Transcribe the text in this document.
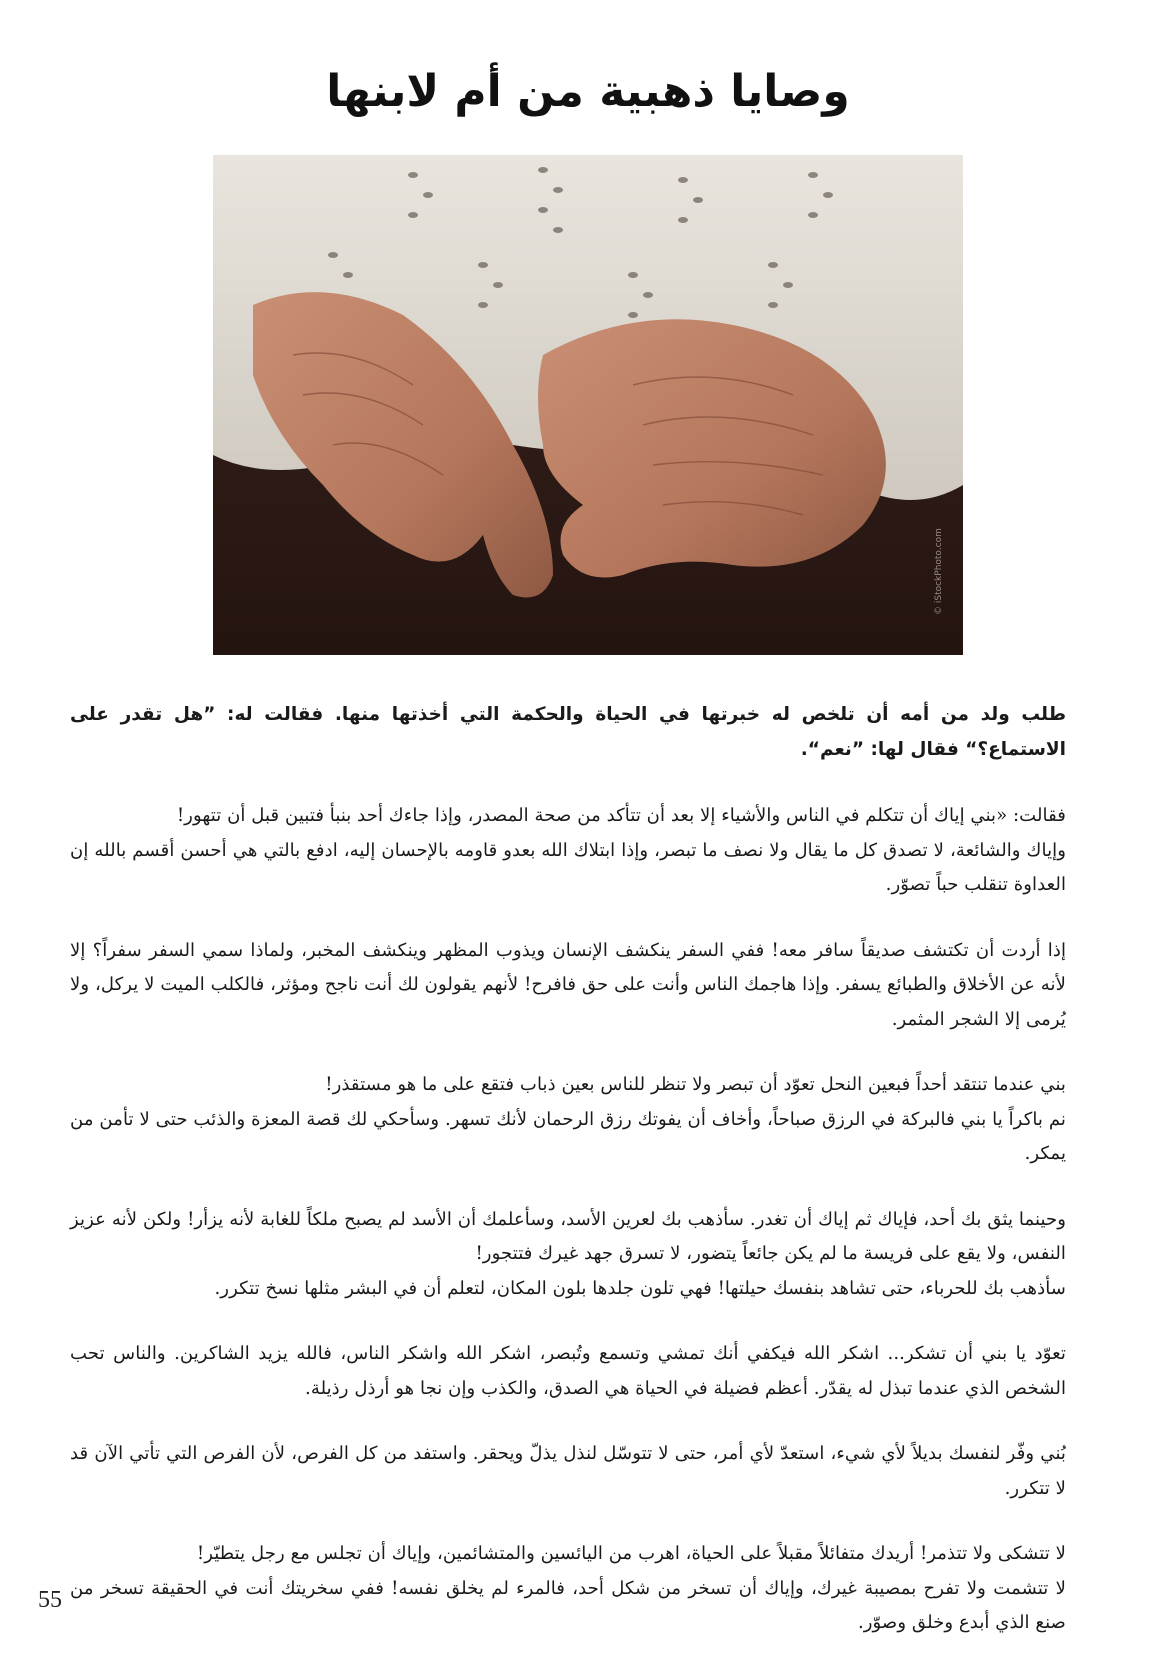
وصايا ذهبية من أم لابنها
© iStockPhoto.com
طلب ولد من أمه أن تلخص له خبرتها في الحياة والحكمة التي أخذتها منها. فقالت له: ”هل تقدر على الاستماع؟“ فقال لها: ”نعم“.

فقالت: «بني إياك أن تتكلم في الناس والأشياء إلا بعد أن تتأكد من صحة المصدر، وإذا جاءك أحد بنبأ فتبين قبل أن تتهور!

وإياك والشائعة، لا تصدق كل ما يقال ولا نصف ما تبصر، وإذا ابتلاك الله بعدو قاومه بالإحسان إليه، ادفع بالتي هي أحسن أقسم بالله إن العداوة تنقلب حباً تصوّر.

إذا أردت أن تكتشف صديقاً سافر معه! ففي السفر ينكشف الإنسان ويذوب المظهر وينكشف المخبر، ولماذا سمي السفر سفراً؟ إلا لأنه عن الأخلاق والطبائع يسفر. وإذا هاجمك الناس وأنت على حق فافرح! لأنهم يقولون لك أنت ناجح ومؤثر، فالكلب الميت لا يركل، ولا يُرمى إلا الشجر المثمر.

بني عندما تنتقد أحداً فبعين النحل تعوّد أن تبصر ولا تنظر للناس بعين ذباب فتقع على ما هو مستقذر!

نم باكراً يا بني فالبركة في الرزق صباحاً، وأخاف أن يفوتك رزق الرحمان لأنك تسهر. وسأحكي لك قصة المعزة والذئب حتى لا تأمن من يمكر.

وحينما يثق بك أحد، فإياك ثم إياك أن تغدر. سأذهب بك لعرين الأسد، وسأعلمك أن الأسد لم يصبح ملكاً للغابة لأنه يزأر! ولكن لأنه عزيز النفس، ولا يقع على فريسة ما لم يكن جائعاً يتضور، لا تسرق جهد غيرك فتتجور!

سأذهب بك للحرباء، حتى تشاهد بنفسك حيلتها! فهي تلون جلدها بلون المكان، لتعلم أن في البشر مثلها نسخ تتكرر.

تعوّد يا بني أن تشكر... اشكر الله فيكفي أنك تمشي وتسمع وتُبصر، اشكر الله واشكر الناس، فالله يزيد الشاكرين. والناس تحب الشخص الذي عندما تبذل له يقدّر. أعظم فضيلة في الحياة هي الصدق، والكذب وإن نجا هو أرذل رذيلة.

بُني وفّر لنفسك بديلاً لأي شيء، استعدّ لأي أمر، حتى لا تتوسّل لنذل يذلّ ويحقر. واستفد من كل الفرص، لأن الفرص التي تأتي الآن قد لا تتكرر.

لا تتشكى ولا تتذمر! أريدك متفائلاً مقبلاً على الحياة، اهرب من اليائسين والمتشائمين، وإياك أن تجلس مع رجل يتطيّر!

لا تتشمت ولا تفرح بمصيبة غيرك، وإياك أن تسخر من شكل أحد، فالمرء لم يخلق نفسه! ففي سخريتك أنت في الحقيقة تسخر من صنع الذي أبدع وخلق وصوّر.

55
